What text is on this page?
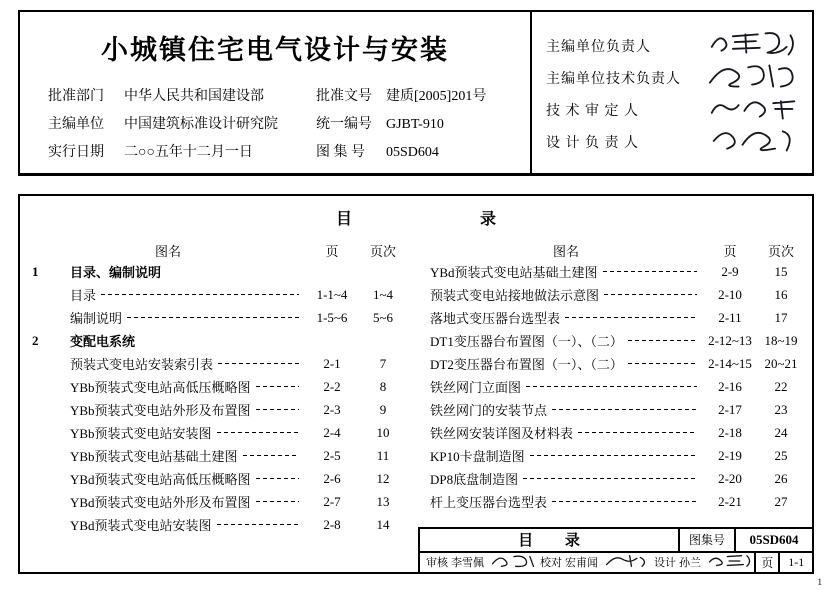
小城镇住宅电气设计与安装
批准部门	中华人民共和国建设部	批准文号	建质[2005]201号
主编单位	中国建筑标准设计研究院	统一编号	GJBT-910
实行日期	二○○五年十二月一日	图 集 号	05SD604
主编单位负责人
主编单位技术负责人
技 术 审 定 人
设 计 负 责 人
目	录
图名	页	页次
1	目录、编制说明
目录	1-1~4	1~4
编制说明	1-5~6	5~6
2	变配电系统
预装式变电站安装索引表	2-1	7
YBb预装式变电站高低压概略图	2-2	8
YBb预装式变电站外形及布置图	2-3	9
YBb预装式变电站安装图	2-4	10
YBb预装式变电站基础土建图	2-5	11
YBd预装式变电站高低压概略图	2-6	12
YBd预装式变电站外形及布置图	2-7	13
YBd预装式变电站安装图	2-8	14
图名	页	页次
YBd预装式变电站基础土建图	2-9	15
预装式变电站接地做法示意图	2-10	16
落地式变压器台选型表	2-11	17
DT1变压器台布置图（一）、（二）	2-12~13 18~19
DT2变压器台布置图（一）、（二）	2-14~15 20~21
铁丝网门立面图	2-16	22
铁丝网门的安装节点	2-17	23
铁丝网安装详图及材料表	2-18	24
KP10卡盘制造图	2-19	25
DP8底盘制造图	2-20	26
杆上变压器台选型表	2-21	27
目 录	图集号	05SD604
审核 李雪佩	校对 宏甫闻	设计 孙兰	页	1-1
1
